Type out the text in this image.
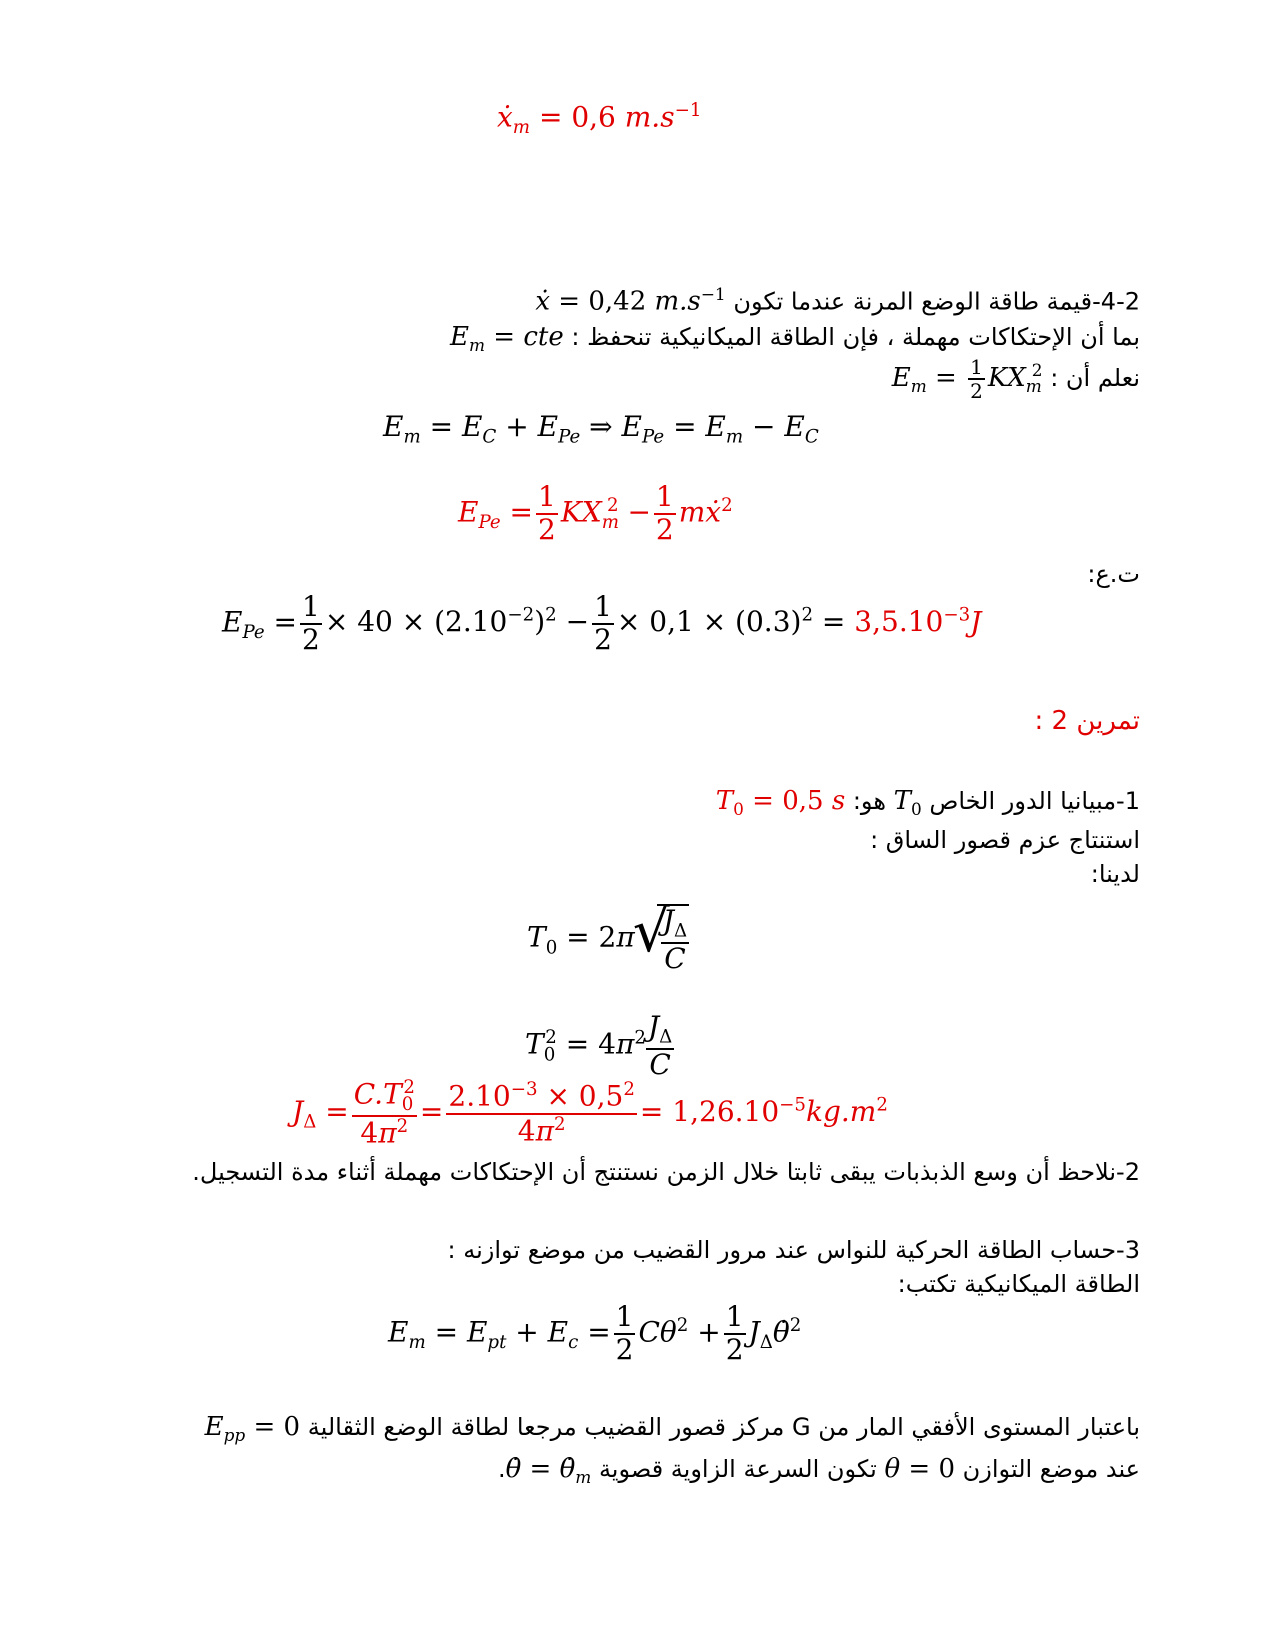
ẋ$_m$ = 0,6 $m.s^{-1}$
4-2-قيمة طاقة الوضع المرنة عندما تكون ẋ = 0,42 $m.s^{-1}$
بما أن الإحتكاكات مهملة ، فإن الطاقة الميكانيكية تنحفظ : $E_m$ = cte
نعلم أن : $E_m = \frac{1}{2} KX_m^2$
$E_m = E_C + E_{Pe}$ ⇒ $E_{Pe} = E_m - E_C$
$E_{Pe} = \frac{1}{2} KX_m^2 - \frac{1}{2}$ mẋ$^2$
ت.ع:
$E_{Pe} = \frac{1}{2} \times 40 \times (2.10^{-2})^2 - \frac{1}{2} \times 0,1 \times (0.3)^2 = 3,5.10^{-3}J$
تمرين 2 :
1-مبيانيا الدور الخاص $T_0$ هو: $T_0 = 0,5$ s
استنتاج عزم قصور الساق :
لدينا:
$T_0 = 2\pi$
√ $\frac{J_\Delta}{C}$
$T_0^2 = 4\pi^2 \frac{J_\Delta}{C}$
$J_\Delta = \frac{C.T_0^2}{4\pi^2} = \frac{2.10^{-3} \times 0,5^2}{4\pi^2} = 1,26.10^{-5}kg.m^2$
2-نلاحظ أن وسع الذبذبات يبقى ثابتا خلال الزمن نستنتج أن الإحتكاكات مهملة أثناء مدة التسجيل.
3-حساب الطاقة الحركية للنواس عند مرور القضيب من موضع توازنه :
الطاقة الميكانيكية تكتب:
$E_m = E_{pt} + E_c = \frac{1}{2} C\theta^2 + \frac{1}{2}$ $J_\Delta\thetȧ^2$
باعتبار المستوى الأفقي المار من G مركز قصور القضيب مرجعا لطاقة الوضع الثقالية $E_{pp} = 0$
عند موضع التوازن θ = 0 تكون السرعة الزاوية قصوية θ̇ = $\thetȧ_m$.
